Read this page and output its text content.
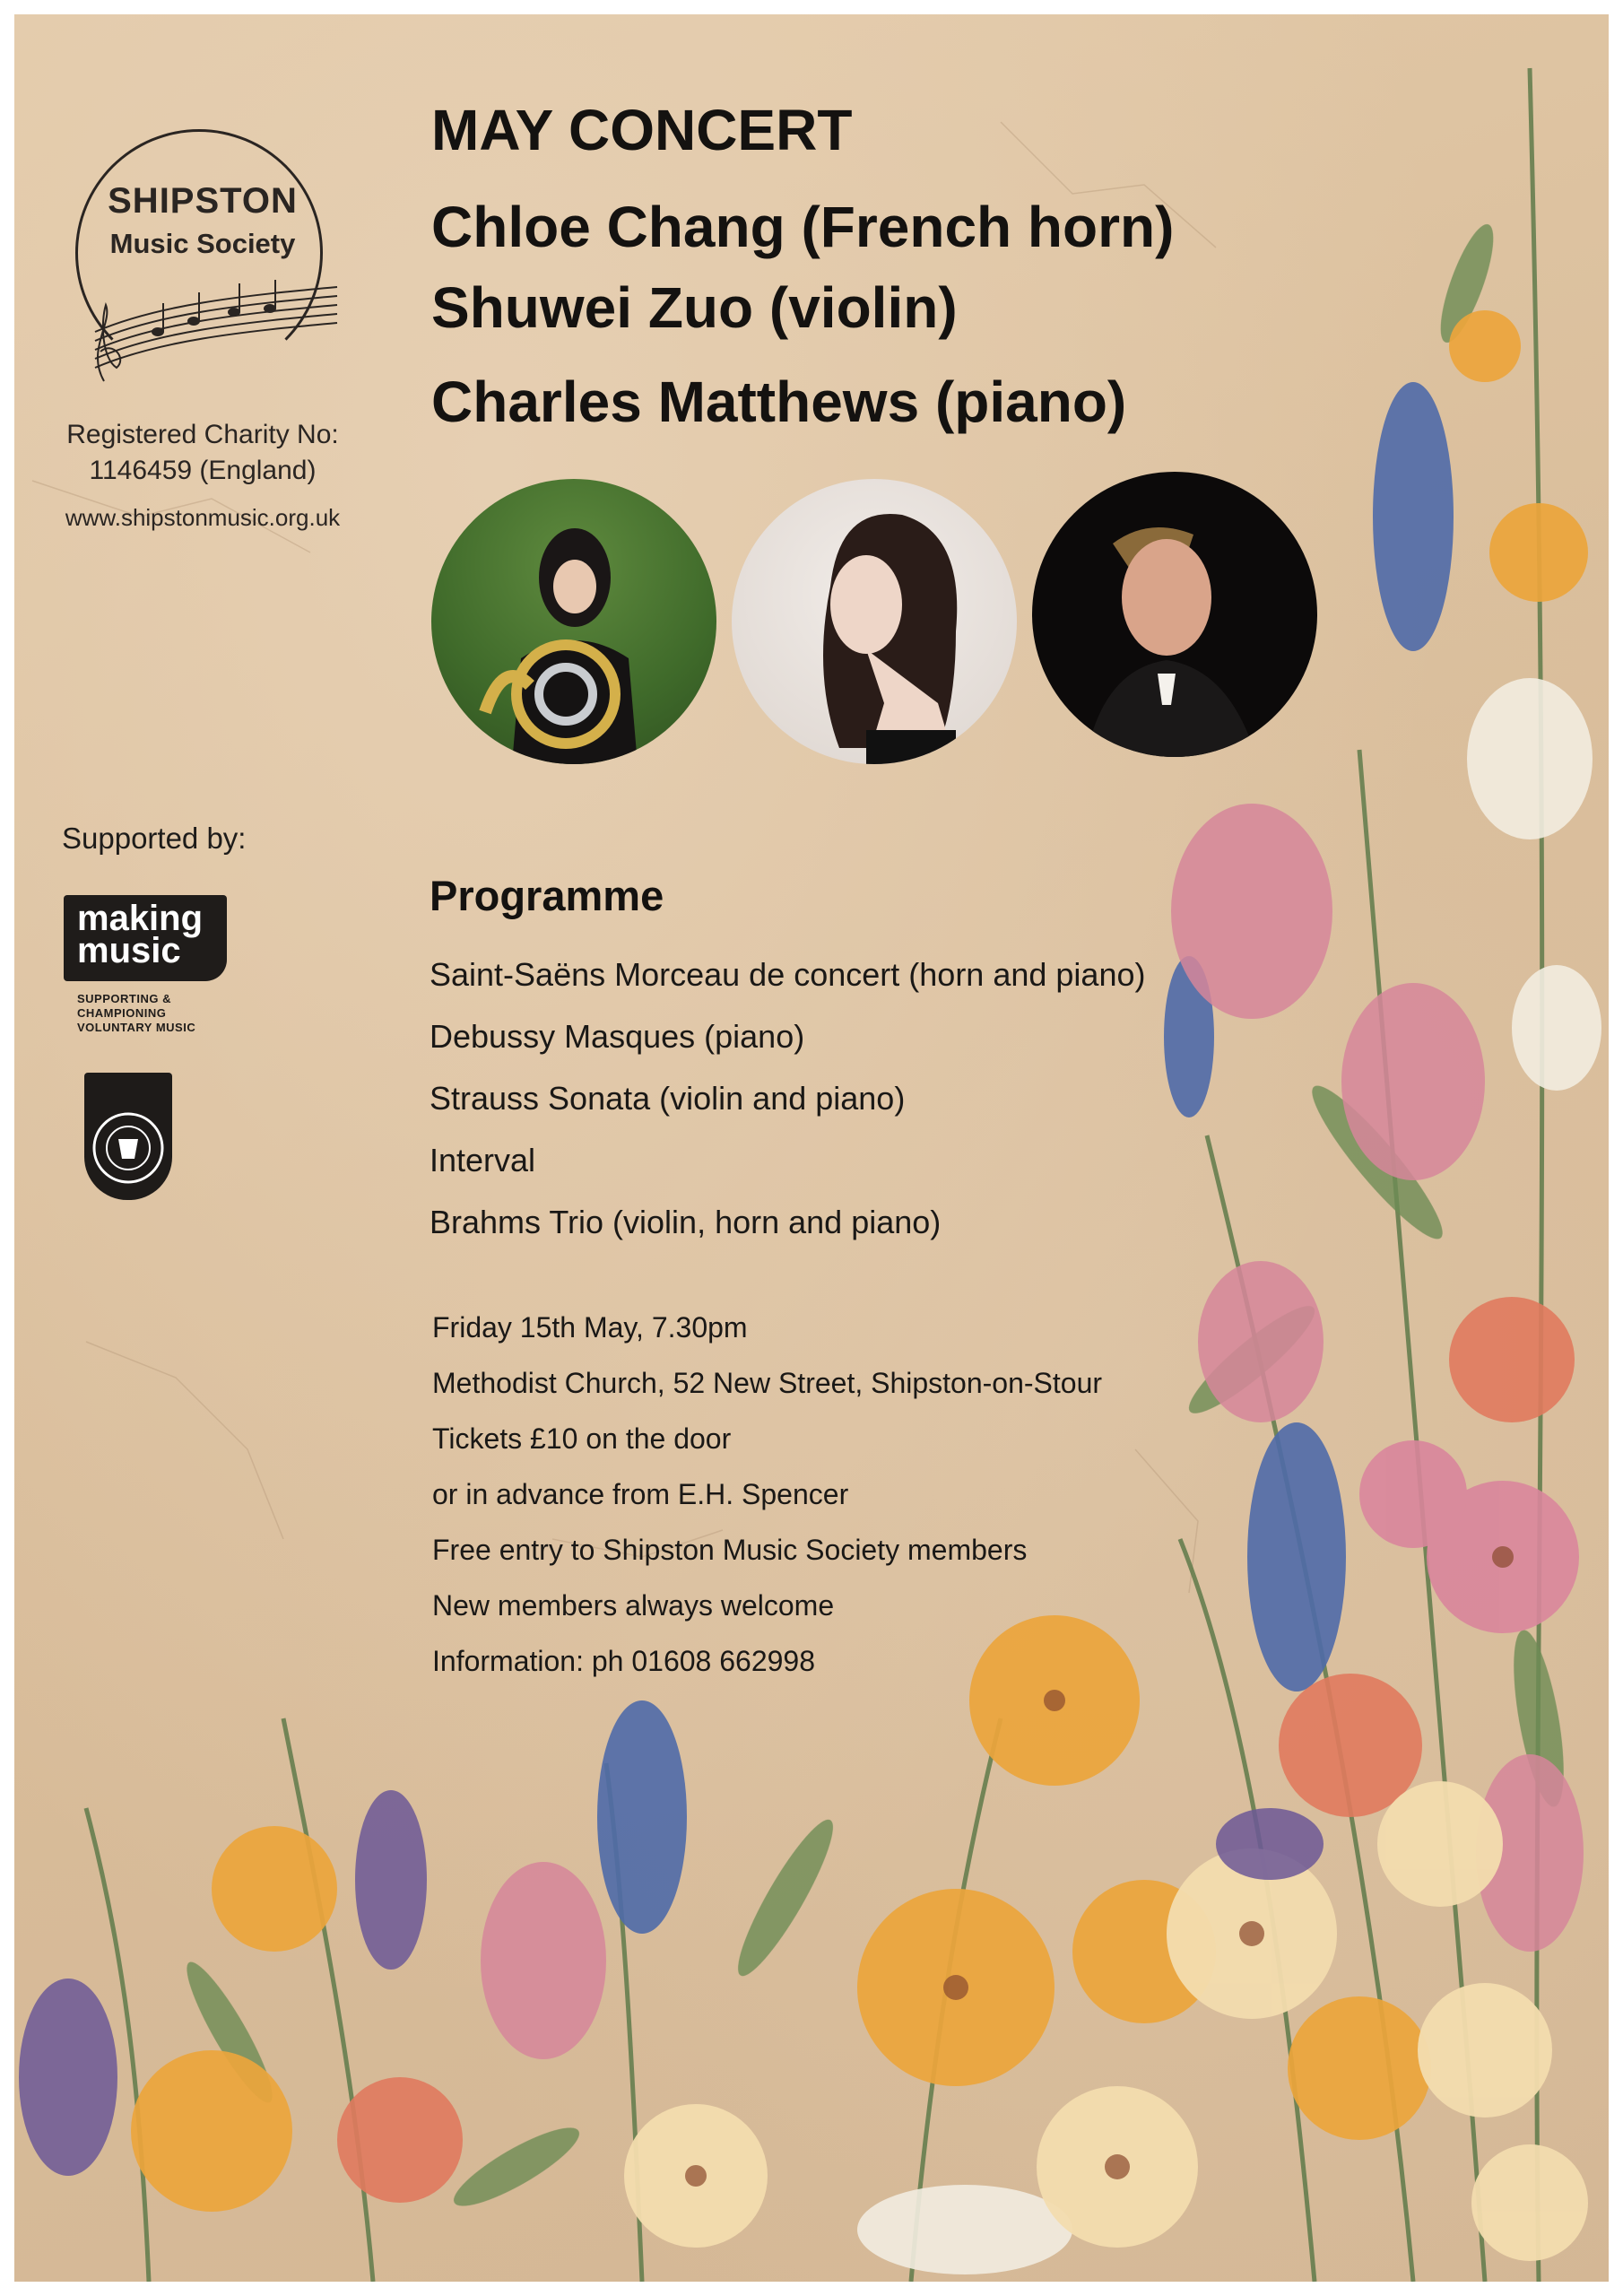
SHIPSTON
Music Society
Registered Charity No:
1146459 (England)
www.shipstonmusic.org.uk
MAY CONCERT
Chloe Chang (French horn)
Shuwei Zuo (violin)
Charles Matthews (piano)
Supported by:
making
music
SUPPORTING &
CHAMPIONING
VOLUNTARY MUSIC
Programme
Saint-Saëns Morceau de concert (horn and piano)
Debussy Masques (piano)
Strauss Sonata (violin and piano)
Interval
Brahms Trio (violin, horn and piano)
Friday 15th May, 7.30pm
Methodist Church, 52 New Street, Shipston-on-Stour
Tickets £10 on the door
or in advance from E.H. Spencer
Free entry to Shipston Music Society members
New members always welcome
Information: ph 01608 662998
